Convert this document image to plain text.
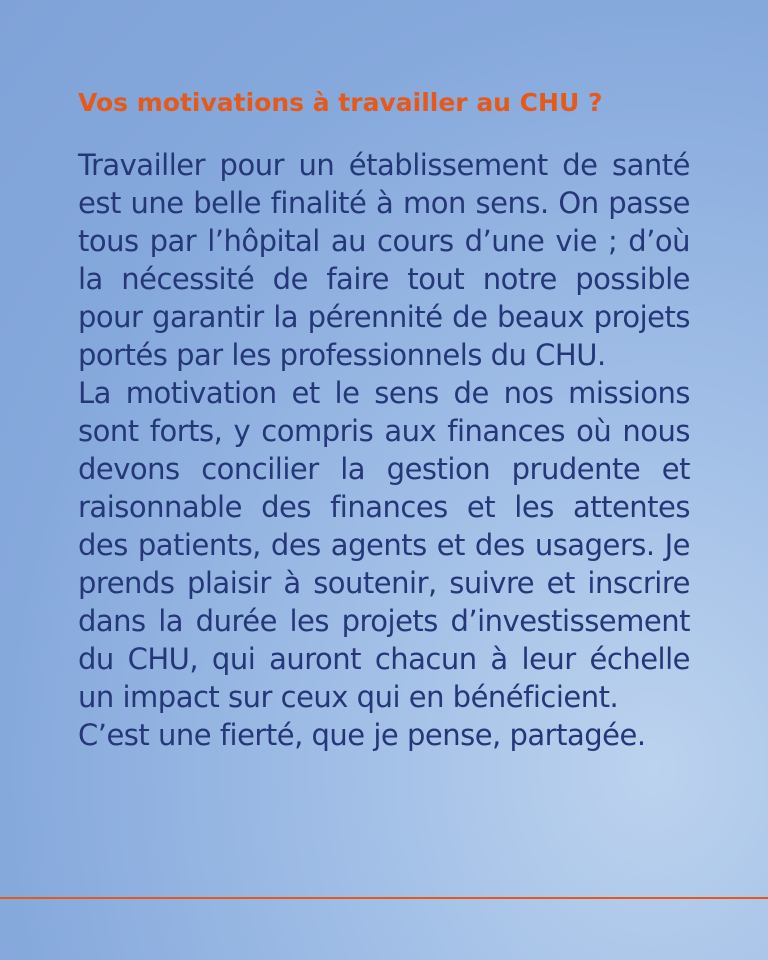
Vos motivations à travailler au CHU ?

Travailler pour un établissement de santé est une belle finalité à mon sens. On passe tous par l’hôpital au cours d’une vie ; d’où la nécessité de faire tout notre possible pour garantir la pérennité de beaux projets portés par les professionnels du CHU.

La motivation et le sens de nos missions sont forts, y compris aux finances où nous devons concilier la gestion prudente et raisonnable des finances et les attentes des patients, des agents et des usagers. Je prends plaisir à soutenir, suivre et inscrire dans la durée les projets d’investissement du CHU, qui auront chacun à leur échelle un impact sur ceux qui en bénéficient.

C’est une fierté, que je pense, partagée.
